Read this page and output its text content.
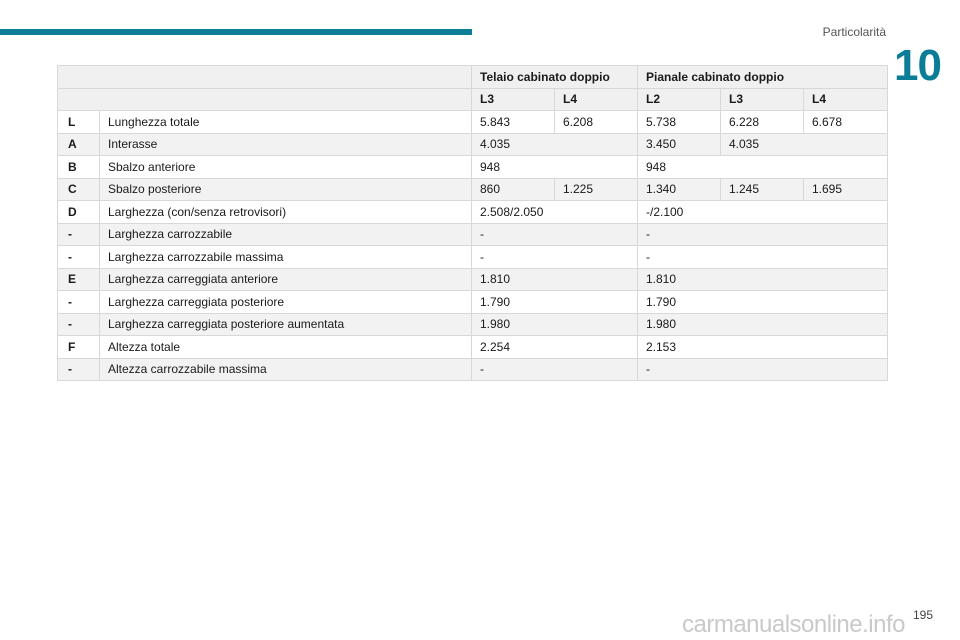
Particolarità
10
		Telaio cabinato doppio		Pianale cabinato doppio		
		L3	L4	L2	L3	L4
L	Lunghezza totale	5.843	6.208	5.738	6.228	6.678
A	Interasse	4.035		3.450	4.035	
B	Sbalzo anteriore	948		948		
C	Sbalzo posteriore	860	1.225	1.340	1.245	1.695
D	Larghezza (con/senza retrovisori)	2.508/2.050		-/2.100		
-	Larghezza carrozzabile	-		-		
-	Larghezza carrozzabile massima	-		-		
E	Larghezza carreggiata anteriore	1.810		1.810		
-	Larghezza carreggiata posteriore	1.790		1.790		
-	Larghezza carreggiata posteriore aumentata	1.980		1.980		
F	Altezza totale	2.254		2.153		
-	Altezza carrozzabile massima	-		-		
195
carmanualsonline.info
